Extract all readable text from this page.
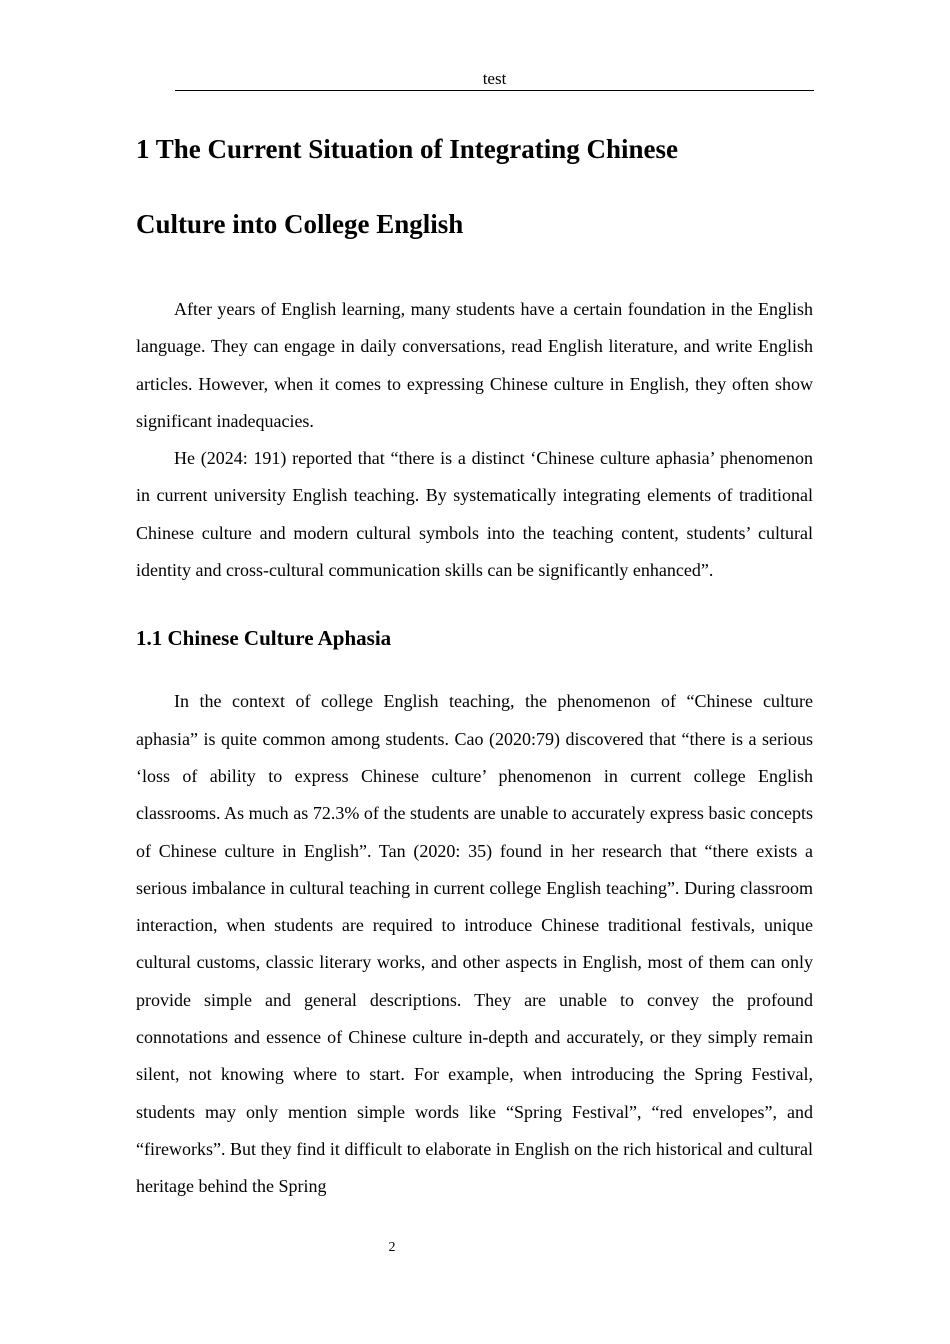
test
1 The Current Situation of Integrating Chinese
Culture into College English

After years of English learning, many students have a certain foundation in the English language. They can engage in daily conversations, read English literature, and write English articles. However, when it comes to expressing Chinese culture in English, they often show significant inadequacies.

He (2024: 191) reported that “there is a distinct ‘Chinese culture aphasia’ phenomenon in current university English teaching. By systematically integrating elements of traditional Chinese culture and modern cultural symbols into the teaching content, students’ cultural identity and cross-cultural communication skills can be significantly enhanced”.

1.1 Chinese Culture Aphasia

In the context of college English teaching, the phenomenon of “Chinese culture aphasia” is quite common among students. Cao (2020:79) discovered that “there is a serious ‘loss of ability to express Chinese culture’ phenomenon in current college English classrooms. As much as 72.3% of the students are unable to accurately express basic concepts of Chinese culture in English”. Tan (2020: 35) found in her research that “there exists a serious imbalance in cultural teaching in current college English teaching”. During classroom interaction, when students are required to introduce Chinese traditional festivals, unique cultural customs, classic literary works, and other aspects in English, most of them can only provide simple and general descriptions. They are unable to convey the profound connotations and essence of Chinese culture in-depth and accurately, or they simply remain silent, not knowing where to start. For example, when introducing the Spring Festival, students may only mention simple words like “Spring Festival”, “red envelopes”, and “fireworks”. But they find it difficult to elaborate in English on the rich historical and cultural heritage behind the Spring

2
